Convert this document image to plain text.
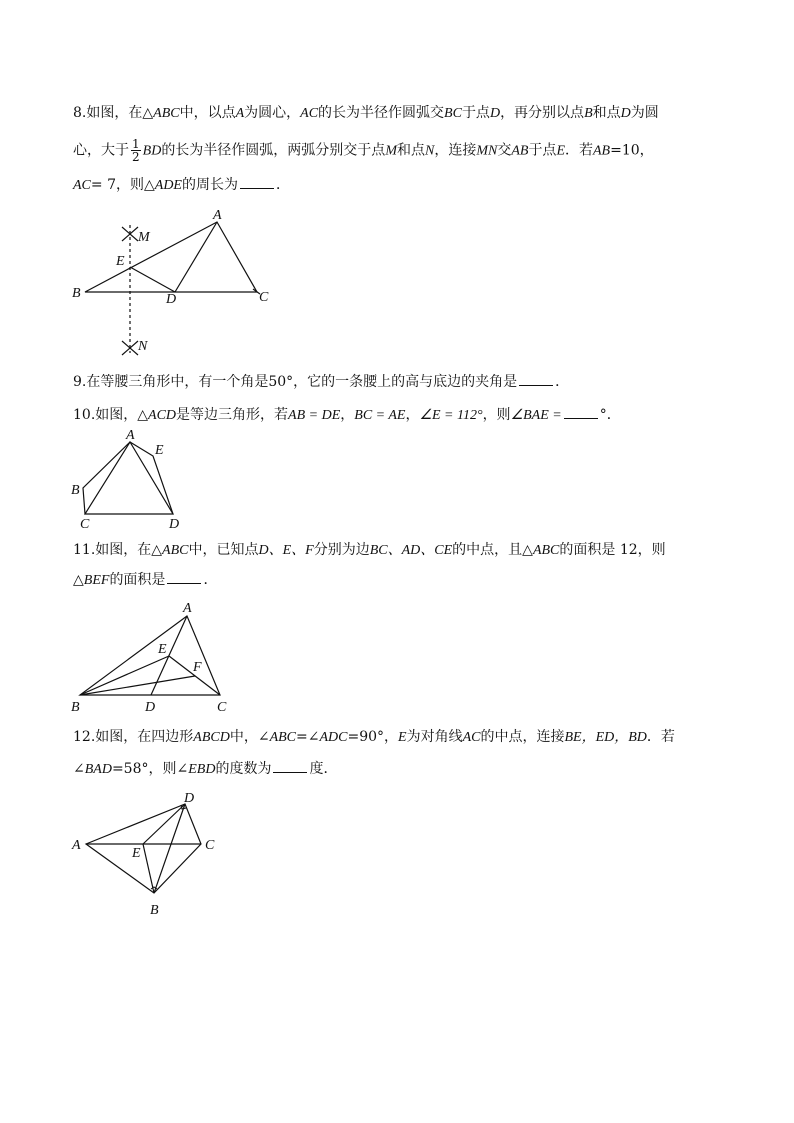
8.如图，在△ABC中，以点A为圆心，AC的长为半径作圆弧交BC于点D，再分别以点B和点D为圆
心，大于 $\frac{1}{2}$ BD的长为半径作圆弧，两弧分别交于点M和点N，连接MN交AB于点E．若AB=10，
AC= 7，则△ADE的周长为	．
A
B	C
D
E
M
N
9.在等腰三角形中，有一个角是50°，它的一条腰上的高与底边的夹角是	．
10.如图，△ACD是等边三角形，若AB = DE，BC = AE，∠E = 112°，则∠BAE =	°．
A
B
C	D
E
11.如图，在△ABC中，已知点D、E、F分别为边BC、AD、CE的中点，且△ABC的面积是 12，则
△BEF的面积是	．
A
B	C
D
E
F
12.如图，在四边形ABCD中，∠ABC=∠ADC=90°，E为对角线AC的中点，连接BE，ED，BD．若
∠BAD=58°，则∠EBD的度数为	度．
A
B
C
D
E
